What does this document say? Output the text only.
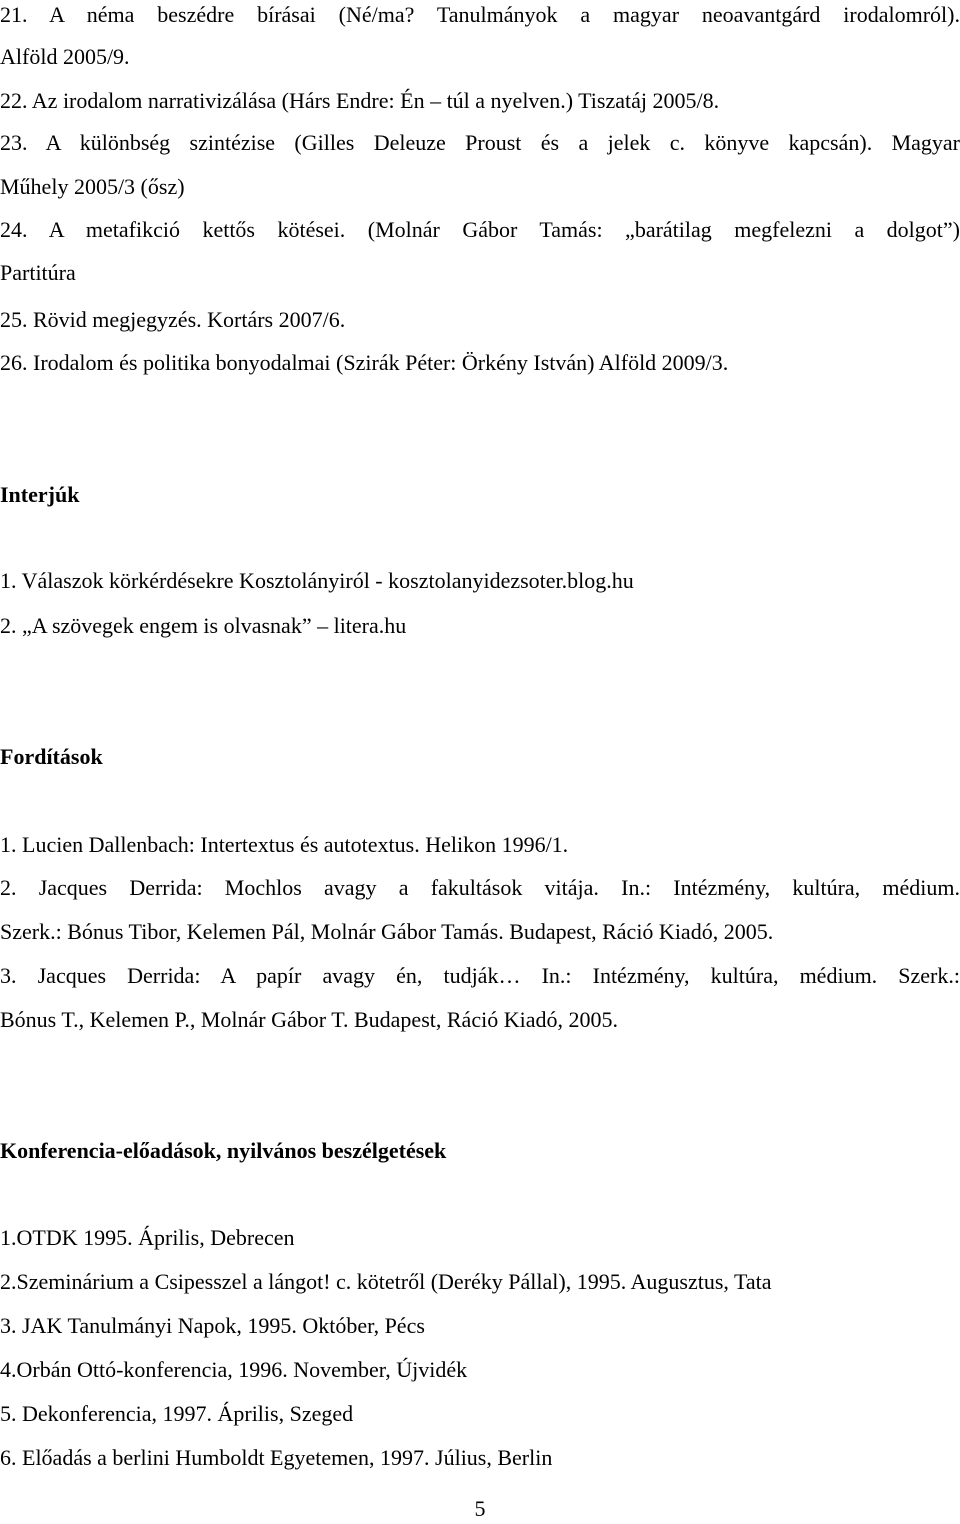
21. A néma beszédre bírásai (Né/ma? Tanulmányok a magyar neoavantgárd irodalomról).
Alföld 2005/9.
22. Az irodalom narrativizálása (Hárs Endre: Én – túl a nyelven.) Tiszatáj 2005/8.
23. A különbség szintézise (Gilles Deleuze Proust és a jelek c. könyve kapcsán). Magyar
Műhely 2005/3 (ősz)
24. A metafikció kettős kötései. (Molnár Gábor Tamás: „barátilag megfelezni a dolgot”)
Partitúra
25. Rövid megjegyzés. Kortárs 2007/6.
26. Irodalom és politika bonyodalmai (Szirák Péter: Örkény István) Alföld 2009/3.
Interjúk
1. Válaszok körkérdésekre Kosztolányiról - kosztolanyidezsoter.blog.hu
2. „A szövegek engem is olvasnak” – litera.hu
Fordítások
1. Lucien Dallenbach: Intertextus és autotextus. Helikon 1996/1.
2. Jacques Derrida: Mochlos avagy a fakultások vitája. In.: Intézmény, kultúra, médium.
Szerk.: Bónus Tibor, Kelemen Pál, Molnár Gábor Tamás. Budapest, Ráció Kiadó, 2005.
3. Jacques Derrida: A papír avagy én, tudják… In.: Intézmény, kultúra, médium. Szerk.:
Bónus T., Kelemen P., Molnár Gábor T. Budapest, Ráció Kiadó, 2005.
Konferencia-előadások, nyilvános beszélgetések
1.OTDK 1995. Április, Debrecen
2.Szeminárium a Csipesszel a lángot! c. kötetről (Deréky Pállal), 1995. Augusztus, Tata
3. JAK Tanulmányi Napok, 1995. Október, Pécs
4.Orbán Ottó-konferencia, 1996. November, Újvidék
5. Dekonferencia, 1997. Április, Szeged
6. Előadás a berlini Humboldt Egyetemen, 1997. Július, Berlin
5
